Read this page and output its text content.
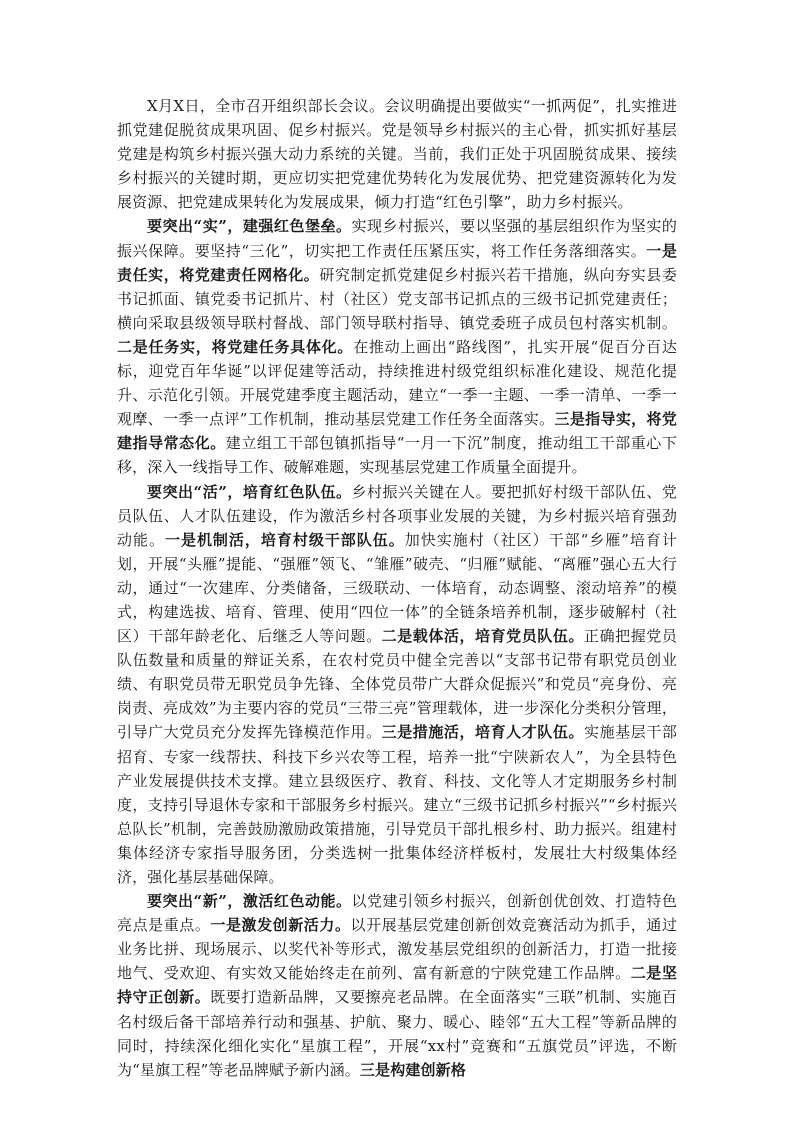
X月X日，全市召开组织部长会议。会议明确提出要做实“一抓两促”，扎实推进抓党建促脱贫成果巩固、促乡村振兴。党是领导乡村振兴的主心骨，抓实抓好基层党建是构筑乡村振兴强大动力系统的关键。当前，我们正处于巩固脱贫成果、接续乡村振兴的关键时期，更应切实把党建优势转化为发展优势、把党建资源转化为发展资源、把党建成果转化为发展成果，倾力打造“红色引擎”，助力乡村振兴。

要突出“实”，建强红色堡垒。实现乡村振兴，要以坚强的基层组织作为坚实的振兴保障。要坚持“三化”，切实把工作责任压紧压实，将工作任务落细落实。一是责任实，将党建责任网格化。研究制定抓党建促乡村振兴若干措施，纵向夯实县委书记抓面、镇党委书记抓片、村（社区）党支部书记抓点的三级书记抓党建责任；横向采取县级领导联村督战、部门领导联村指导、镇党委班子成员包村落实机制。二是任务实，将党建任务具体化。在推动上画出“路线图”，扎实开展“促百分百达标，迎党百年华诞”以评促建等活动，持续推进村级党组织标准化建设、规范化提升、示范化引领。开展党建季度主题活动，建立“一季一主题、一季一清单、一季一观摩、一季一点评”工作机制，推动基层党建工作任务全面落实。三是指导实，将党建指导常态化。建立组工干部包镇抓指导“一月一下沉”制度，推动组工干部重心下移，深入一线指导工作、破解难题，实现基层党建工作质量全面提升。

要突出“活”，培育红色队伍。乡村振兴关键在人。要把抓好村级干部队伍、党员队伍、人才队伍建设，作为激活乡村各项事业发展的关键，为乡村振兴培育强劲动能。一是机制活，培育村级干部队伍。加快实施村（社区）干部“乡雁”培育计划，开展“头雁”提能、“强雁”领飞、“雏雁”破壳、“归雁”赋能、“离雁”强心五大行动，通过“一次建库、分类储备，三级联动、一体培育，动态调整、滚动培养”的模式，构建选拔、培育、管理、使用“四位一体”的全链条培养机制，逐步破解村（社区）干部年龄老化、后继乏人等问题。二是载体活，培育党员队伍。正确把握党员队伍数量和质量的辩证关系，在农村党员中健全完善以“支部书记带有职党员创业绩、有职党员带无职党员争先锋、全体党员带广大群众促振兴”和党员“亮身份、亮岗责、亮成效”为主要内容的党员“三带三亮”管理载体，进一步深化分类积分管理，引导广大党员充分发挥先锋模范作用。三是措施活，培育人才队伍。实施基层干部招育、专家一线帮扶、科技下乡兴农等工程，培养一批“宁陕新农人”，为全县特色产业发展提供技术支撑。建立县级医疗、教育、科技、文化等人才定期服务乡村制度，支持引导退休专家和干部服务乡村振兴。建立“三级书记抓乡村振兴”“乡村振兴总队长”机制，完善鼓励激励政策措施，引导党员干部扎根乡村、助力振兴。组建村集体经济专家指导服务团，分类选树一批集体经济样板村，发展壮大村级集体经济，强化基层基础保障。

要突出“新”，激活红色动能。以党建引领乡村振兴，创新创优创效、打造特色亮点是重点。一是激发创新活力。以开展基层党建创新创效竞赛活动为抓手，通过业务比拼、现场展示、以奖代补等形式，激发基层党组织的创新活力，打造一批接地气、受欢迎、有实效又能始终走在前列、富有新意的宁陕党建工作品牌。二是坚持守正创新。既要打造新品牌，又要擦亮老品牌。在全面落实“三联”机制、实施百名村级后备干部培养行动和强基、护航、聚力、暖心、睦邻“五大工程”等新品牌的同时，持续深化细化实化“星旗工程”，开展“xx村”竞赛和“五旗党员”评选，不断为“星旗工程”等老品牌赋予新内涵。三是构建创新格
